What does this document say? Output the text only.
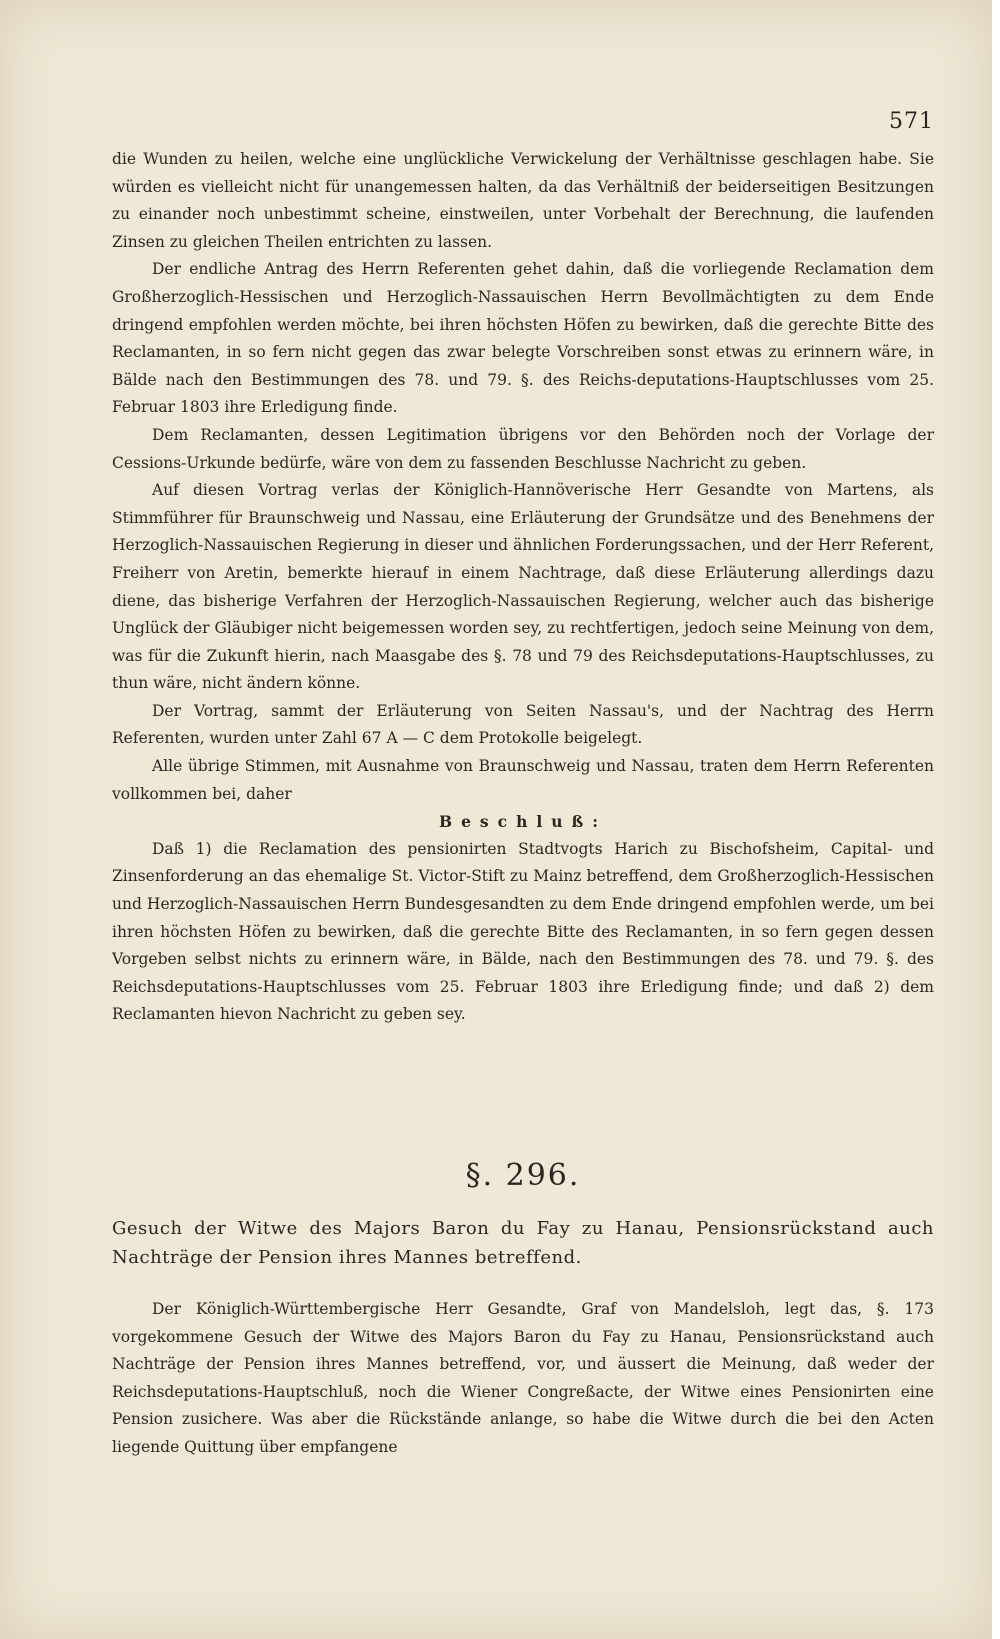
571

die Wunden zu heilen, welche eine unglückliche Verwickelung der Verhältnisse geschlagen habe. Sie würden es vielleicht nicht für unangemessen halten, da das Verhältniß der beiderseitigen Besitzungen zu einander noch unbestimmt scheine, einstweilen, unter Vorbehalt der Berechnung, die laufenden Zinsen zu gleichen Theilen entrichten zu lassen.

Der endliche Antrag des Herrn Referenten gehet dahin, daß die vorliegende Reclamation dem Großherzoglich-Hessischen und Herzoglich-Nassauischen Herrn Bevollmächtigten zu dem Ende dringend empfohlen werden möchte, bei ihren höchsten Höfen zu bewirken, daß die gerechte Bitte des Reclamanten, in so fern nicht gegen das zwar belegte Vorschreiben sonst etwas zu erinnern wäre, in Bälde nach den Bestimmungen des 78. und 79. §. des Reichs-deputations-Hauptschlusses vom 25. Februar 1803 ihre Erledigung finde.

Dem Reclamanten, dessen Legitimation übrigens vor den Behörden noch der Vorlage der Cessions-Urkunde bedürfe, wäre von dem zu fassenden Beschlusse Nachricht zu geben.

Auf diesen Vortrag verlas der Königlich-Hannöverische Herr Gesandte von Martens, als Stimmführer für Braunschweig und Nassau, eine Erläuterung der Grundsätze und des Benehmens der Herzoglich-Nassauischen Regierung in dieser und ähnlichen Forderungssachen, und der Herr Referent, Freiherr von Aretin, bemerkte hierauf in einem Nachtrage, daß diese Erläuterung allerdings dazu diene, das bisherige Verfahren der Herzoglich-Nassauischen Regierung, welcher auch das bisherige Unglück der Gläubiger nicht beigemessen worden sey, zu rechtfertigen, jedoch seine Meinung von dem, was für die Zukunft hierin, nach Maasgabe des §. 78 und 79 des Reichsdeputations-Hauptschlusses, zu thun wäre, nicht ändern könne.

Der Vortrag, sammt der Erläuterung von Seiten Nassau's, und der Nachtrag des Herrn Referenten, wurden unter Zahl 67 A — C dem Protokolle beigelegt.

Alle übrige Stimmen, mit Ausnahme von Braunschweig und Nassau, traten dem Herrn Referenten vollkommen bei, daher

Beschluß:

Daß 1) die Reclamation des pensionirten Stadtvogts Harich zu Bischofsheim, Capital- und Zinsenforderung an das ehemalige St. Victor-Stift zu Mainz betreffend, dem Großherzoglich-Hessischen und Herzoglich-Nassauischen Herrn Bundesgesandten zu dem Ende dringend empfohlen werde, um bei ihren höchsten Höfen zu bewirken, daß die gerechte Bitte des Reclamanten, in so fern gegen dessen Vorgeben selbst nichts zu erinnern wäre, in Bälde, nach den Bestimmungen des 78. und 79. §. des Reichsdeputations-Hauptschlusses vom 25. Februar 1803 ihre Erledigung finde; und daß 2) dem Reclamanten hievon Nachricht zu geben sey.

§. 296.

Gesuch der Witwe des Majors Baron du Fay zu Hanau, Pensionsrückstand auch Nachträge der Pension ihres Mannes betreffend.

Der Königlich-Württembergische Herr Gesandte, Graf von Mandelsloh, legt das, §. 173 vorgekommene Gesuch der Witwe des Majors Baron du Fay zu Hanau, Pensionsrückstand auch Nachträge der Pension ihres Mannes betreffend, vor, und äussert die Meinung, daß weder der Reichsdeputations-Hauptschluß, noch die Wiener Congreßacte, der Witwe eines Pensionirten eine Pension zusichere. Was aber die Rückstände anlange, so habe die Witwe durch die bei den Acten liegende Quittung über empfangene
